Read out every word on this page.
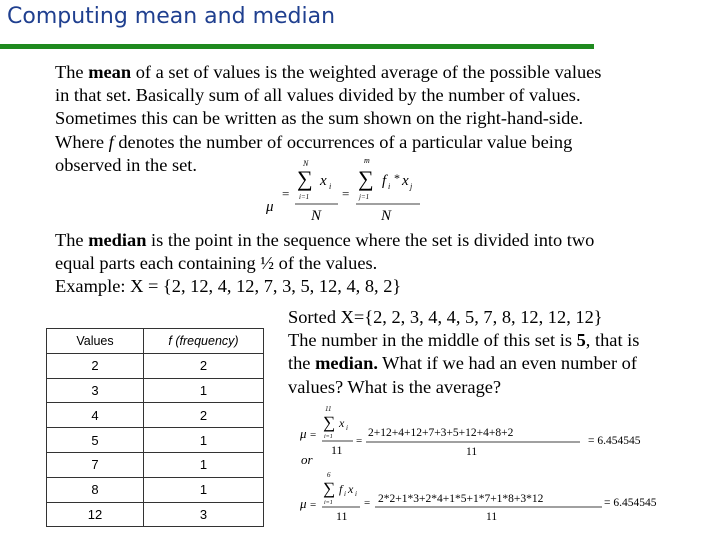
Computing mean and median
The mean of a set of values is the weighted average of the possible values
in that set. Basically sum of all values divided by the number of values.
Sometimes this can be written as the sum shown on the right-hand-side.
Where f denotes the number of occurrences of a particular value being
observed in the set.
μ
=
N
∑
i=1
x i
N
=
m
∑
j=1
f i
* x j
N
The median is the point in the sequence where the set is divided into two
equal parts each containing ½ of the values.
Example: X = {2, 12, 4, 12, 7, 3, 5, 12, 4, 8, 2}
Sorted X={2, 2, 3, 4, 4, 5, 7, 8, 12, 12, 12}
The number in the middle of this set is 5, that is
the median. What if we had an even number of
values? What is the average?
Values	f (frequency)
2	2
3	1
4	2
5	1
7	1
8	1
12	3
μ =
11
∑
i=1
x i
11
=
2+12+4+12+7+3+5+12+4+8+2
11
= 6.454545
or
μ =
6
∑
i=1
f i x i
11
= 2*2+1*3+2*4+1*5+1*7+1*8+3*12
11
= 6.454545
